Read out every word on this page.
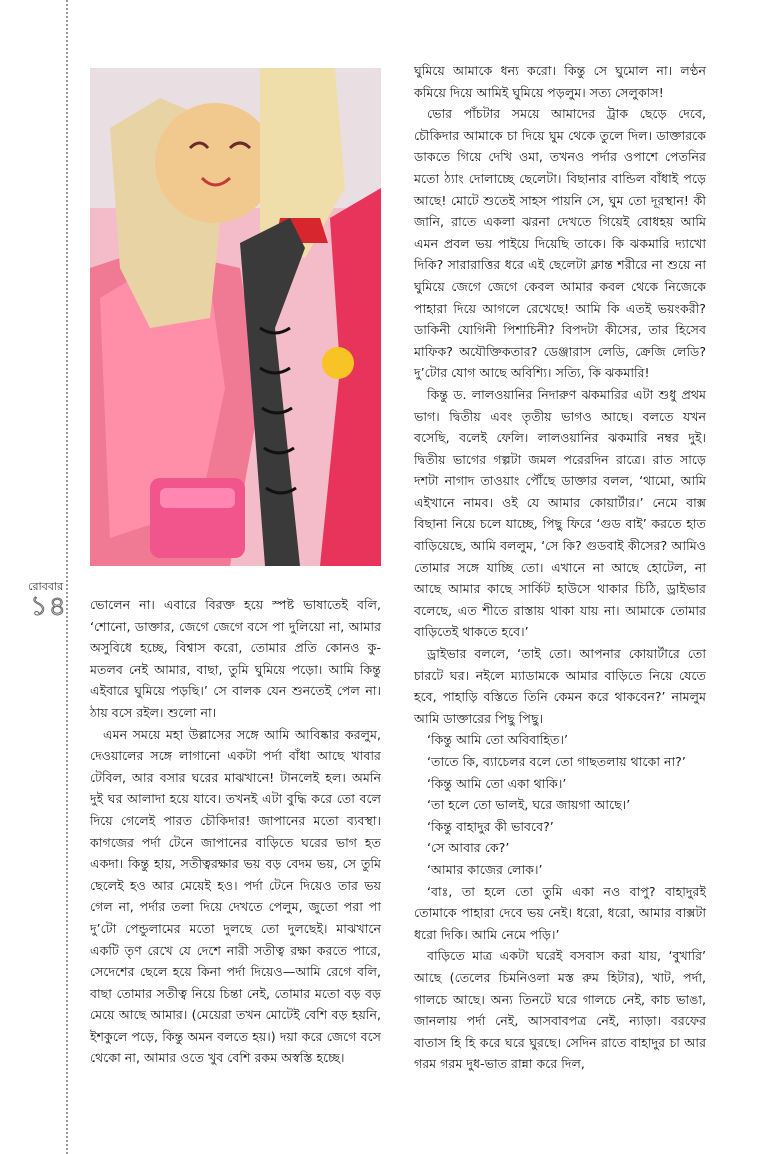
রোববার
১৪ ভোলেন না। এবারে বিরক্ত হয়ে স্পষ্ট ভাষাতেই বলি, ‘শোনো, ডাক্তার, জেগে জেগে বসে পা দুলিয়ো না, আমার অসুবিধে হচ্ছে, বিশ্বাস করো, তোমার প্রতি কোনও কু-মতলব নেই আমার, বাছা, তুমি ঘুমিয়ে পড়ো। আমি কিন্তু এইবারে ঘুমিয়ে পড়ছি।’ সে বালক যেন শুনতেই পেল না। ঠায় বসে রইল। শুলো না।

এমন সময়ে মহা উল্লাসের সঙ্গে আমি আবিষ্কার করলুম, দেওয়ালের সঙ্গে লাগানো একটা পর্দা বাঁধা আছে খাবার টেবিল, আর বসার ঘরের মাঝখানে! টানলেই হল। অমনি দুই ঘর আলাদা হয়ে যাবে। তখনই এটা বুদ্ধি করে তো বলে দিয়ে গেলেই পারত চৌকিদার! জাপানের মতো ব্যবস্থা। কাগজের পর্দা টেনে জাপানের বাড়িতে ঘরের ভাগ হত একদা। কিন্তু হায়, সতীত্বরক্ষার ভয় বড় বেদম ভয়, সে তুমি ছেলেই হও আর মেয়েই হও। পর্দা টেনে দিয়েও তার ভয় গেল না, পর্দার তলা দিয়ে দেখতে পেলুম, জুতো পরা পা দু’টো পেন্ডুলামের মতো দুলছে তো দুলছেই। মাঝখানে একটি তৃণ রেখে যে দেশে নারী সতীত্ব রক্ষা করতে পারে, সেদেশের ছেলে হয়ে কিনা পর্দা দিয়েও—আমি রেগে বলি, বাছা তোমার সতীত্ব নিয়ে চিন্তা নেই, তোমার মতো বড় বড় মেয়ে আছে আমার। (মেয়েরা তখন মোটেই বেশি বড় হয়নি, ইশকুলে পড়ে, কিন্তু অমন বলতে হয়।) দয়া করে জেগে বসে থেকো না, আমার ওতে খুব বেশি রকম অস্বস্তি হচ্ছে।

ঘুমিয়ে আমাকে ধন্য করো। কিন্তু সে ঘুমোল না। লণ্ঠন কমিয়ে দিয়ে আমিই ঘুমিয়ে পড়লুম। সত্য সেলুকাস!

ভোর পাঁচটার সময়ে আমাদের ট্রাক ছেড়ে দেবে, চৌকিদার আমাকে চা দিয়ে ঘুম থেকে তুলে দিল। ডাক্তারকে ডাকতে গিয়ে দেখি ওমা, তখনও পর্দার ওপাশে পেতনির মতো ঠ্যাং দোলাচ্ছে ছেলেটা। বিছানার বান্ডিল বাঁধাই পড়ে আছে! মোটে শুতেই সাহস পায়নি সে, ঘুম তো দূরস্থান! কী জানি, রাতে একলা ঝরনা দেখতে গিয়েই বোধহয় আমি এমন প্রবল ভয় পাইয়ে দিয়েছি তাকে। কি ঝকমারি দ্যাখো দিকি? সারারাত্তির ধরে এই ছেলেটা ক্লান্ত শরীরে না শুয়ে না ঘুমিয়ে জেগে জেগে কেবল আমার কবল থেকে নিজেকে পাহারা দিয়ে আগলে রেখেছে! আমি কি এতই ভয়ংকরী? ডাকিনী যোগিনী পিশাচিনী? বিপদটা কীসের, তার হিসেব মাফিক? অযৌক্তিকতার? ডেঞ্জারাস লেডি, ক্রেজি লেডি? দু’টোর যোগ আছে অবিশ্যি। সত্যি, কি ঝকমারি!

কিন্তু ড. লালওয়ানির নিদারুণ ঝকমারির এটা শুধু প্রথম ভাগ। দ্বিতীয় এবং তৃতীয় ভাগও আছে। বলতে যখন বসেছি, বলেই ফেলি। লালওয়ানির ঝকমারি নম্বর দুই। দ্বিতীয় ভাগের গল্পটা জমল পরেরদিন রাত্রে। রাত সাড়ে দশটা নাগাদ তাওয়াং পৌঁছে ডাক্তার বলল, ‘থামো, আমি এইখানে নামব। ওই যে আমার কোয়ার্টার।’ নেমে বাক্স বিছানা নিয়ে চলে যাচ্ছে, পিছু ফিরে ‘গুড বাই’ করতে হাত বাড়িয়েছে, আমি বললুম, ‘সে কি? গুডবাই কীসের? আমিও তোমার সঙ্গে যাচ্ছি তো। এখানে না আছে হোটেল, না আছে আমার কাছে সার্কিট হাউসে থাকার চিঠি, ড্রাইভার বলেছে, এত শীতে রাস্তায় থাকা যায় না। আমাকে তোমার বাড়িতেই থাকতে হবে।’

ড্রাইভার বললে, ‘তাই তো। আপনার কোয়ার্টারে তো চারটে ঘর। নইলে ম্যাডামকে আমার বাড়িতে নিয়ে যেতে হবে, পাহাড়ি বস্তিতে তিনি কেমন করে থাকবেন?’ নামলুম আমি ডাক্তারের পিছু পিছু।

‘কিন্তু আমি তো অবিবাহিত।’

‘তাতে কি, ব্যাচেলর বলে তো গাছতলায় থাকো না?’

‘কিন্তু আমি তো একা থাকি।’

‘তা হলে তো ভালই, ঘরে জায়গা আছে।’

‘কিন্তু বাহাদুর কী ভাববে?’

‘সে আবার কে?’

‘আমার কাজের লোক।’

‘বাঃ, তা হলে তো তুমি একা নও বাপু? বাহাদুরই তোমাকে পাহারা দেবে ভয় নেই। ধরো, ধরো, আমার বাক্সটা ধরো দিকি। আমি নেমে পড়ি।’

বাড়িতে মাত্র একটা ঘরেই বসবাস করা যায়, ‘বুখারি’ আছে (তেলের চিমনিওলা মস্ত রুম হিটার), খাট, পর্দা, গালচে আছে। অন্য তিনটে ঘরে গালচে নেই, কাচ ভাঙা, জানলায় পর্দা নেই, আসবাবপত্র নেই, ন্যাড়া। বরফের বাতাস হি হি করে ঘরে ঘুরছে। সেদিন রাতে বাহাদুর চা আর গরম গরম দুধ-ভাত রান্না করে দিল,
